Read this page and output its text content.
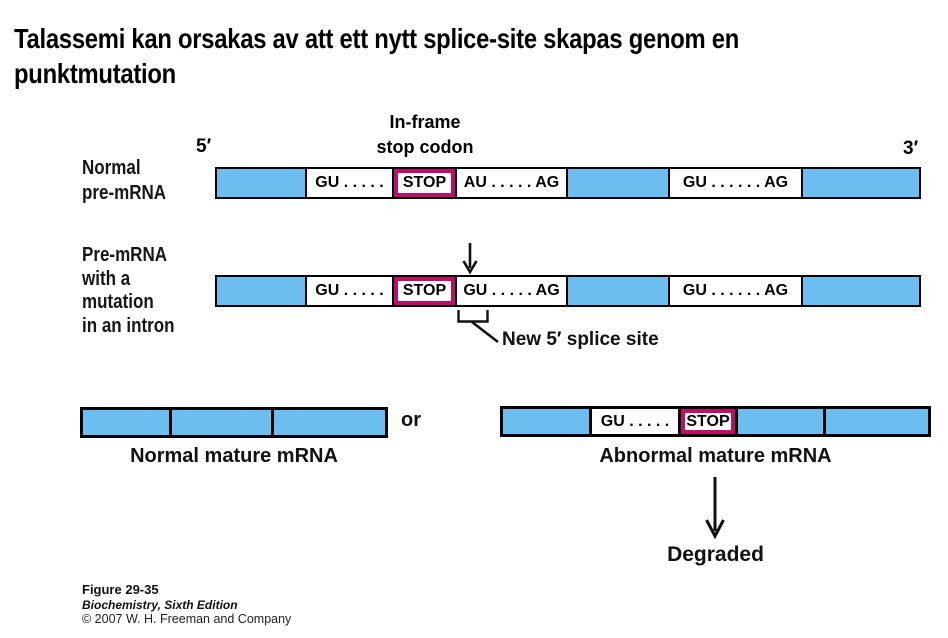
Talassemi kan orsakas av att ett nytt splice-site skapas genom en
punktmutation
Normal
pre-mRNA
5′	3′
In-frame
stop codon
GU . . . . .	STOP	AU . . . . . AG	GU . . . . . . AG
Pre-mRNA
with a
mutation
in an intron
GU . . . . .	STOP	GU . . . . . AG	GU . . . . . . AG
New 5′ splice site
Normal mature mRNA
or	GU . . . . . STOP
Abnormal mature mRNA
Degraded
Figure 29-35
Biochemistry, Sixth Edition
© 2007 W. H. Freeman and Company
